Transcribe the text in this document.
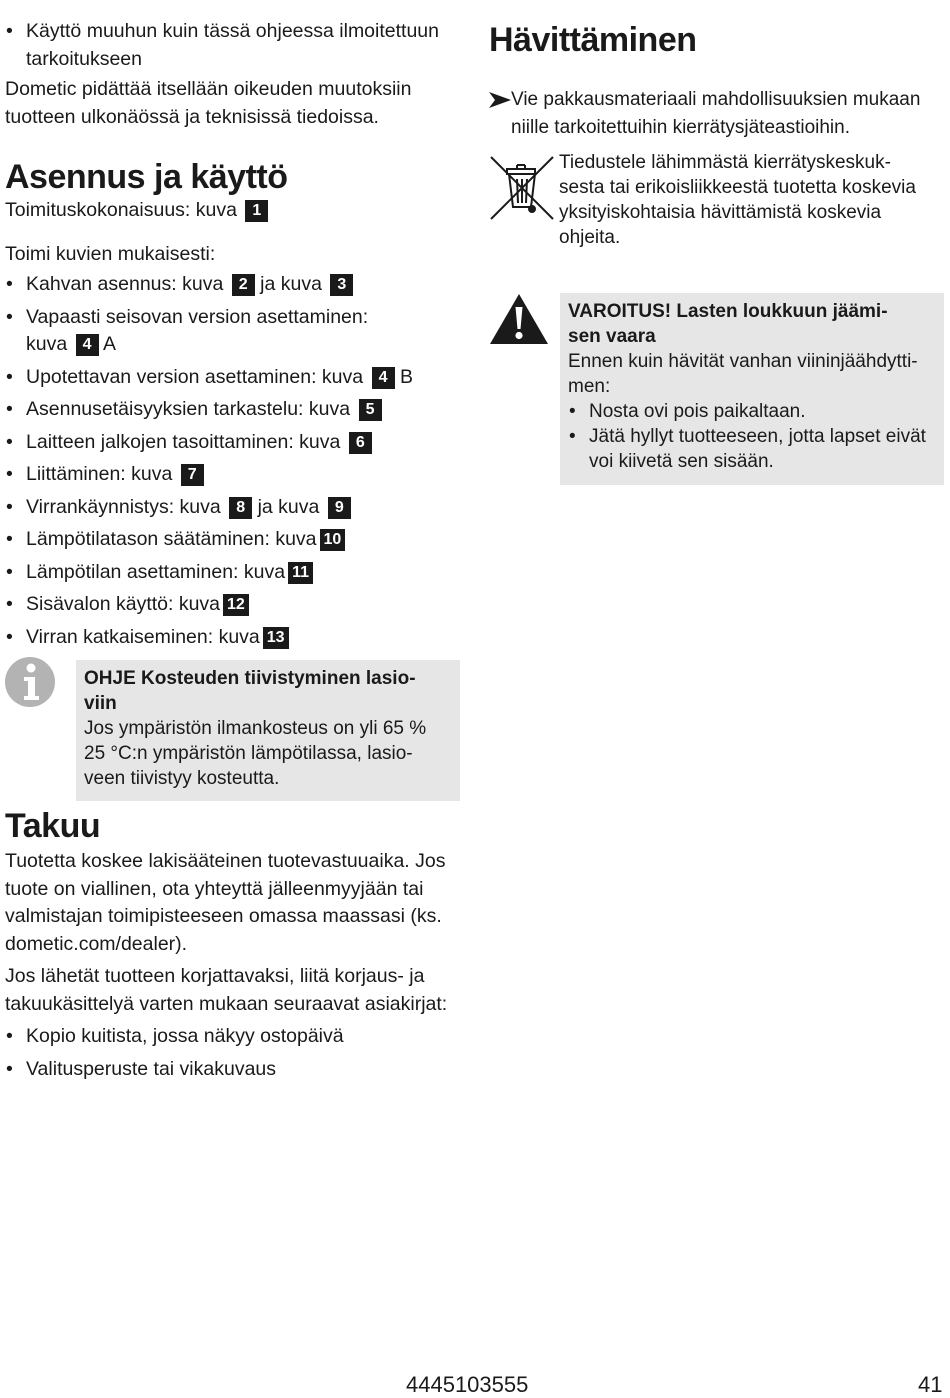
• Käyttö muuhun kuin tässä ohjeessa ilmoitettuun tarkoitukseen

Dometic pidättää itsellään oikeuden muutoksiin tuotteen ulkonäössä ja teknisissä tiedoissa.

Asennus ja käyttö

Toimituskokonaisuus: kuva 1

Toimi kuvien mukaisesti:

• Kahvan asennus: kuva 2 ja kuva 3
• Vapaasti seisovan version asettaminen:
kuva 4 A
• Upotettavan version asettaminen: kuva 4 B
• Asennusetäisyyksien tarkastelu: kuva 5
• Laitteen jalkojen tasoittaminen: kuva 6
• Liittäminen: kuva 7
• Virrankäynnistys: kuva 8 ja kuva 9
• Lämpötilatason säätäminen: kuva 10
• Lämpötilan asettaminen: kuva 11
• Sisävalon käyttö: kuva 12
• Virran katkaiseminen: kuva 13
OHJE Kosteuden tiivistyminen lasio-
viin
Jos ympäristön ilmankosteus on yli 65 %
25 °C:n ympäristön lämpötilassa, lasio-
veen tiivistyy kosteutta.
Takuu

Tuotetta koskee lakisääteinen tuotevastuuaika. Jos tuote on viallinen, ota yhteyttä jälleenmyyjään tai valmistajan toimipisteeseen omassa maassasi (ks. dometic.com/dealer).

Jos lähetät tuotteen korjattavaksi, liitä korjaus- ja takuukäsittelyä varten mukaan seuraavat asiakirjat:

• Kopio kuitista, jossa näkyy ostopäivä
• Valitusperuste tai vikakuvaus
Hävittäminen

Vie pakkausmateriaali mahdollisuuksien mukaan niille tarkoitettuihin kierrätysjäteastioihin.

Tiedustele lähimmästä kierrätyskeskuk-
sesta tai erikoisliikkeestä tuotetta koskevia
yksityiskohtaisia hävittämistä koskevia
ohjeita.
VAROITUS! Lasten loukkuun jäämi-
sen vaara
Ennen kuin hävität vanhan viininjäähdytti-
men:
• Nosta ovi pois paikaltaan.
• Jätä hyllyt tuotteeseen, jotta lapset eivät voi kiivetä sen sisään.
4445103555	41
